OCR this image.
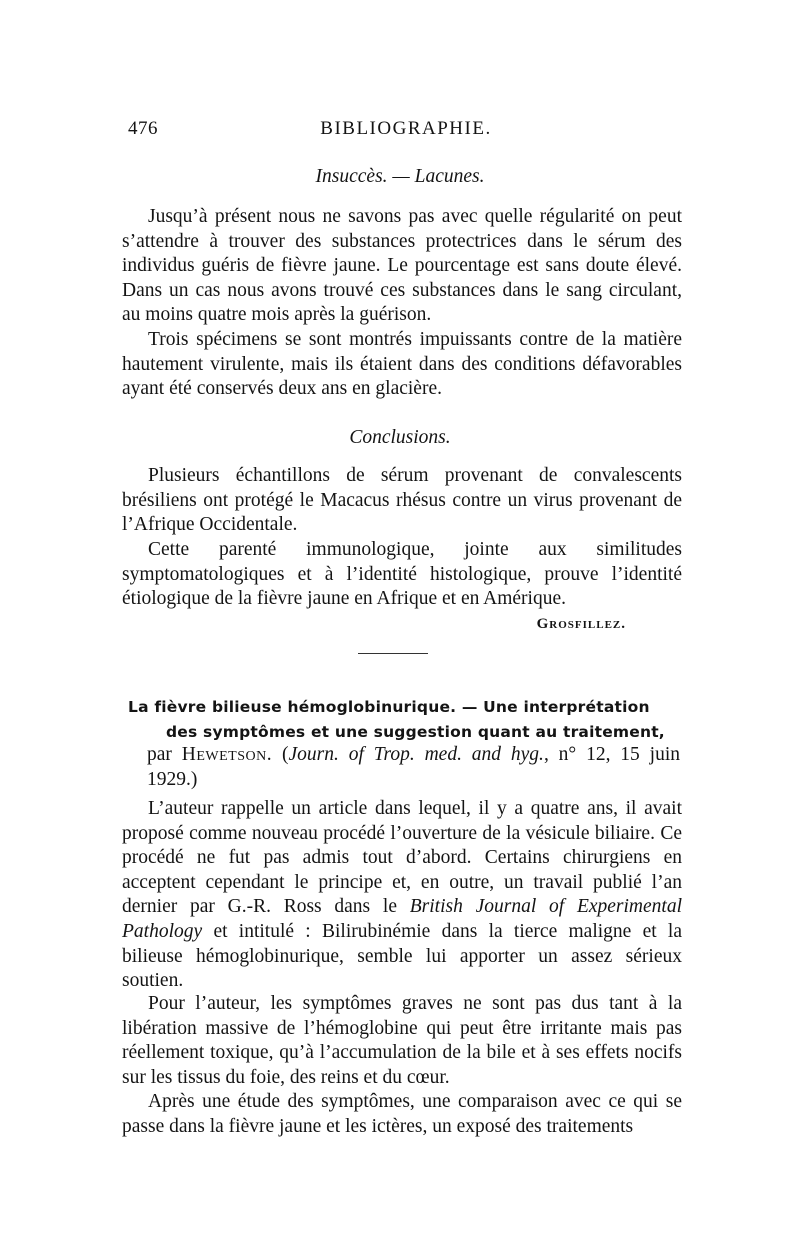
476	BIBLIOGRAPHIE.
Insuccès. — Lacunes.

Jusqu’à présent nous ne savons pas avec quelle régularité on peut s’attendre à trouver des substances protectrices dans le sérum des individus guéris de fièvre jaune. Le pourcentage est sans doute élevé. Dans un cas nous avons trouvé ces substances dans le sang circulant, au moins quatre mois après la guérison.

Trois spécimens se sont montrés impuissants contre de la matière hautement virulente, mais ils étaient dans des conditions défavorables ayant été conservés deux ans en glacière.

Conclusions.

Plusieurs échantillons de sérum provenant de convalescents brésiliens ont protégé le Macacus rhésus contre un virus provenant de l’Afrique Occidentale.

Cette parenté immunologique, jointe aux similitudes symptomatologiques et à l’identité histologique, prouve l’identité étiologique de la fièvre jaune en Afrique et en Amérique.

Grosfillez.

La fièvre bilieuse hémoglobinurique. — Une interprétation
des symptômes et une suggestion quant au traitement,

par Hewetson. (Journ. of Trop. med. and hyg., n° 12, 15 juin 1929.)

L’auteur rappelle un article dans lequel, il y a quatre ans, il avait proposé comme nouveau procédé l’ouverture de la vésicule biliaire. Ce procédé ne fut pas admis tout d’abord. Certains chirurgiens en acceptent cependant le principe et, en outre, un travail publié l’an dernier par G.-R. Ross dans le British Journal of Experimental Pathology et intitulé : Bilirubinémie dans la tierce maligne et la bilieuse hémoglobinurique, semble lui apporter un assez sérieux soutien.

Pour l’auteur, les symptômes graves ne sont pas dus tant à la libération massive de l’hémoglobine qui peut être irritante mais pas réellement toxique, qu’à l’accumulation de la bile et à ses effets nocifs sur les tissus du foie, des reins et du cœur.

Après une étude des symptômes, une comparaison avec ce qui se passe dans la fièvre jaune et les ictères, un exposé des traitements
